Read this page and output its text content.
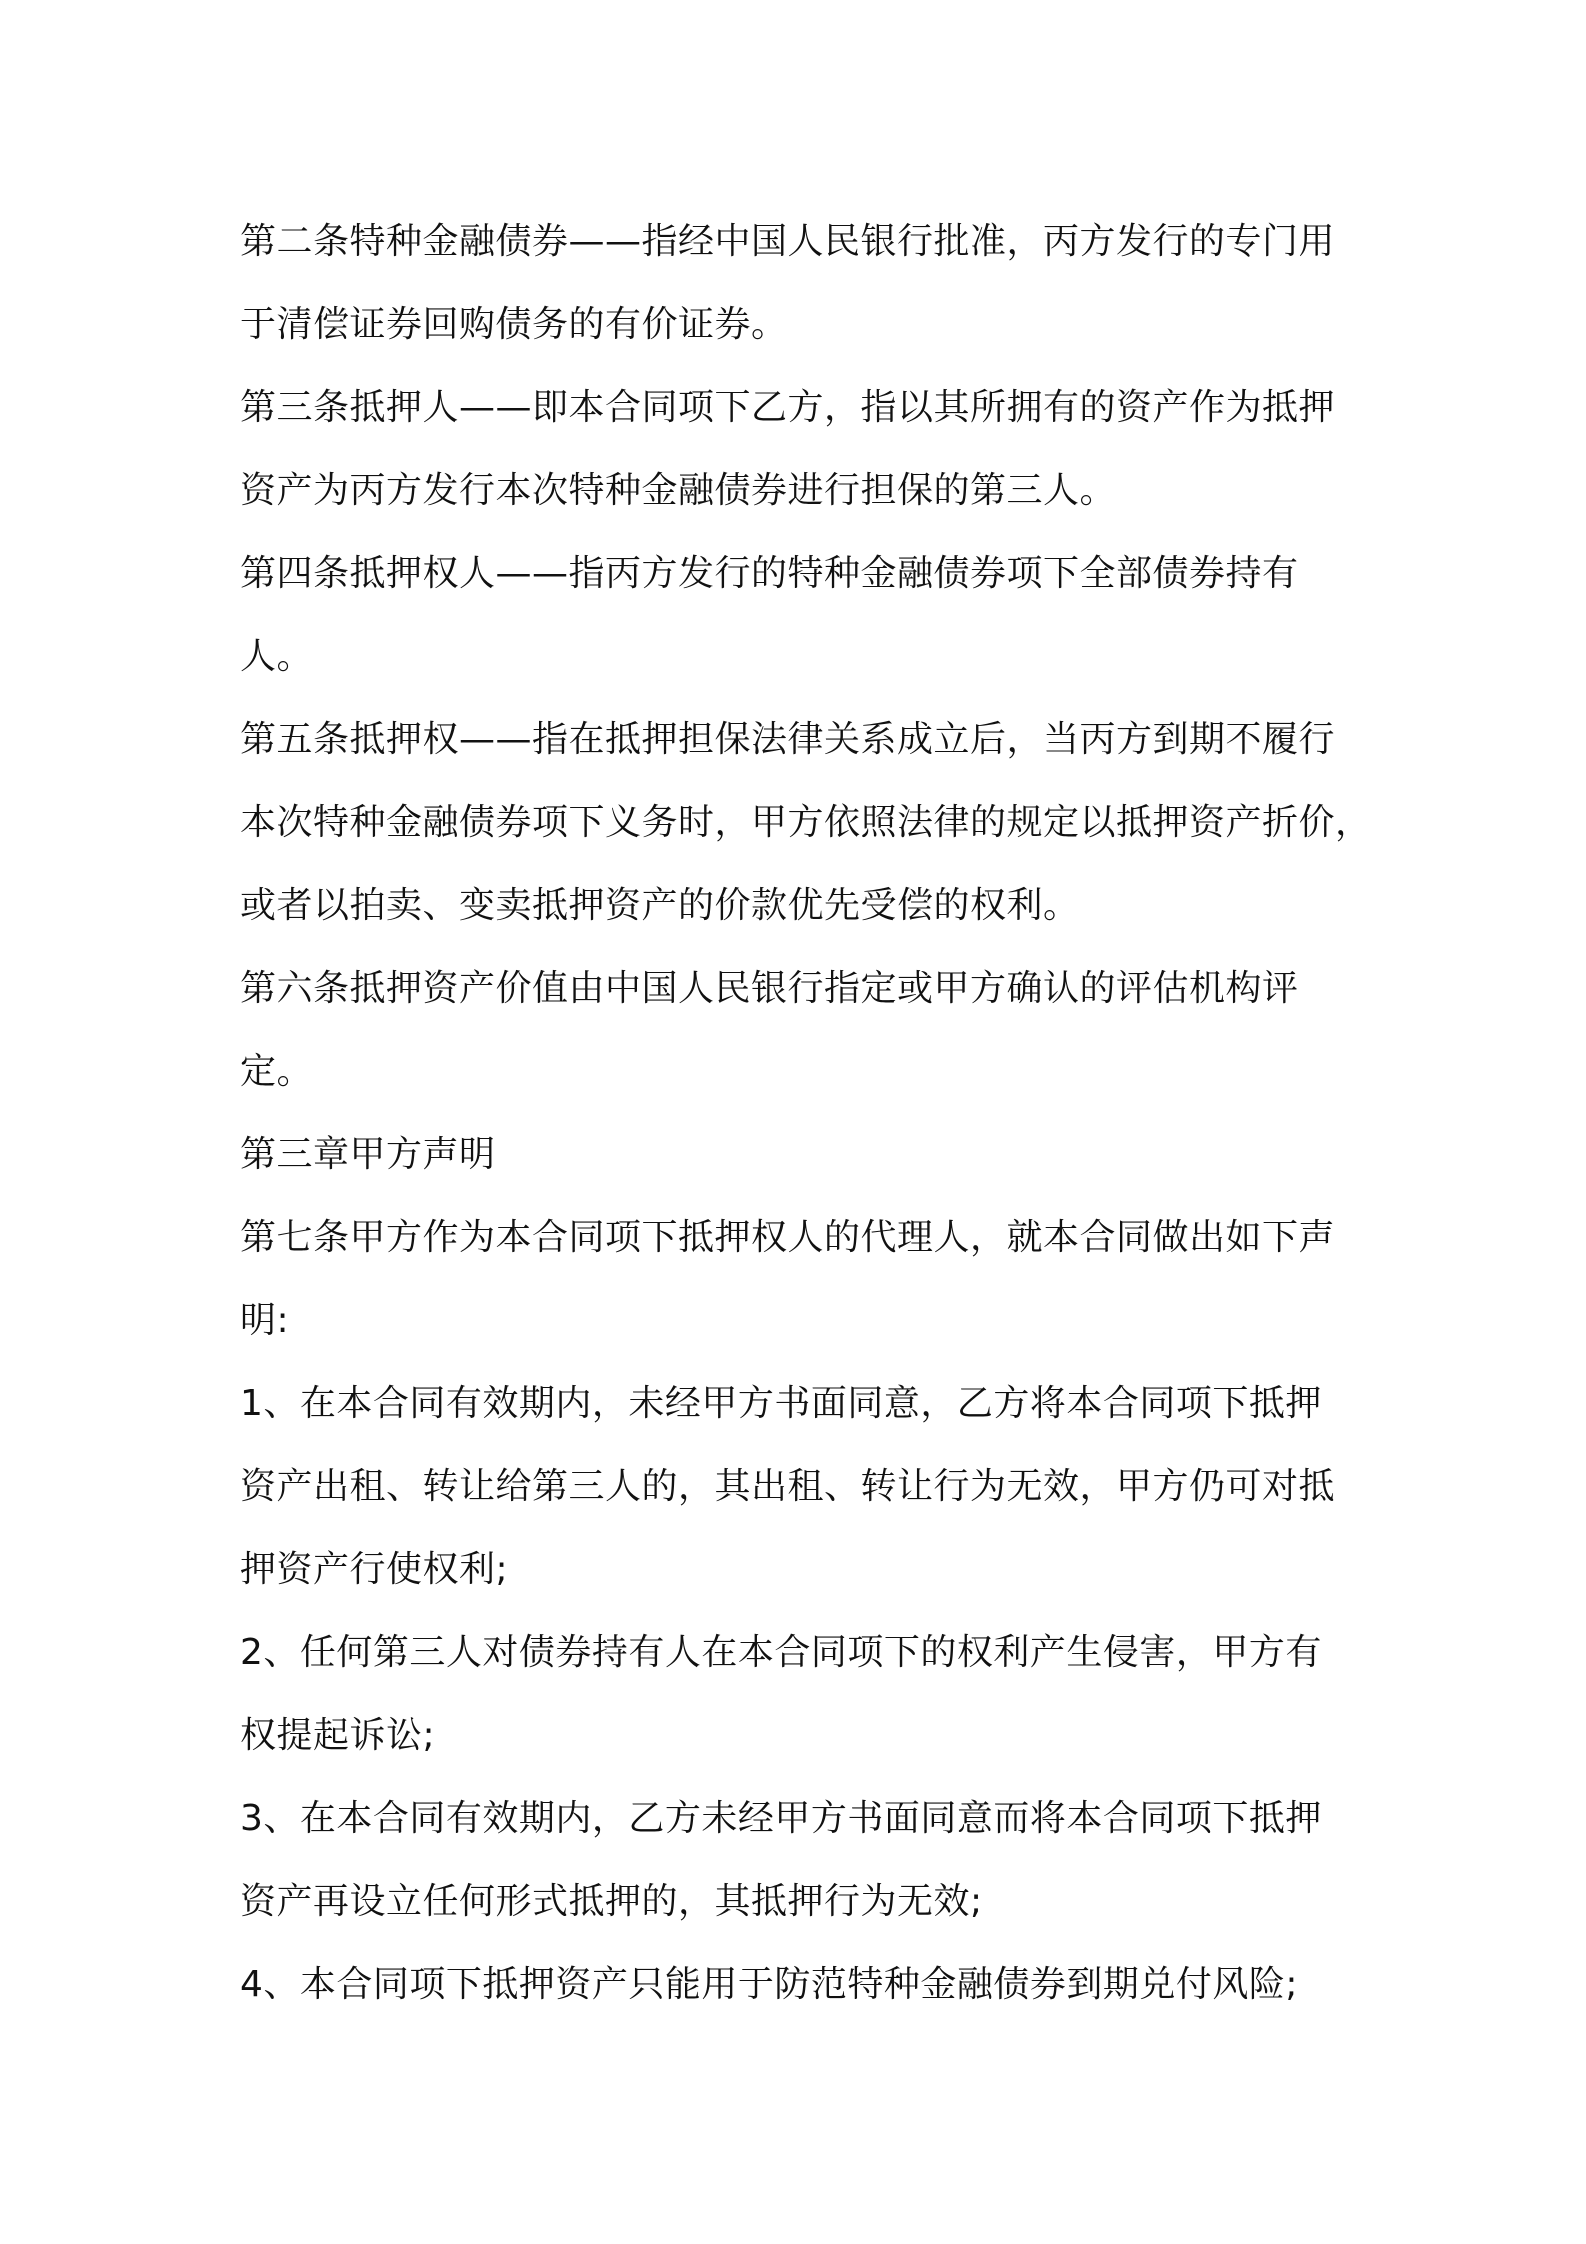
第二条特种金融债券——指经中国人民银行批准，丙方发行的专门用
于清偿证券回购债务的有价证券。
第三条抵押人——即本合同项下乙方，指以其所拥有的资产作为抵押
资产为丙方发行本次特种金融债券进行担保的第三人。
第四条抵押权人——指丙方发行的特种金融债券项下全部债券持有
人。
第五条抵押权——指在抵押担保法律关系成立后，当丙方到期不履行
本次特种金融债券项下义务时，甲方依照法律的规定以抵押资产折价，
或者以拍卖、变卖抵押资产的价款优先受偿的权利。
第六条抵押资产价值由中国人民银行指定或甲方确认的评估机构评
定。
第三章甲方声明
第七条甲方作为本合同项下抵押权人的代理人，就本合同做出如下声
明:
1、在本合同有效期内，未经甲方书面同意，乙方将本合同项下抵押
资产出租、转让给第三人的，其出租、转让行为无效，甲方仍可对抵
押资产行使权利;
2、任何第三人对债券持有人在本合同项下的权利产生侵害，甲方有
权提起诉讼;
3、在本合同有效期内，乙方未经甲方书面同意而将本合同项下抵押
资产再设立任何形式抵押的，其抵押行为无效;
4、本合同项下抵押资产只能用于防范特种金融债券到期兑付风险;
